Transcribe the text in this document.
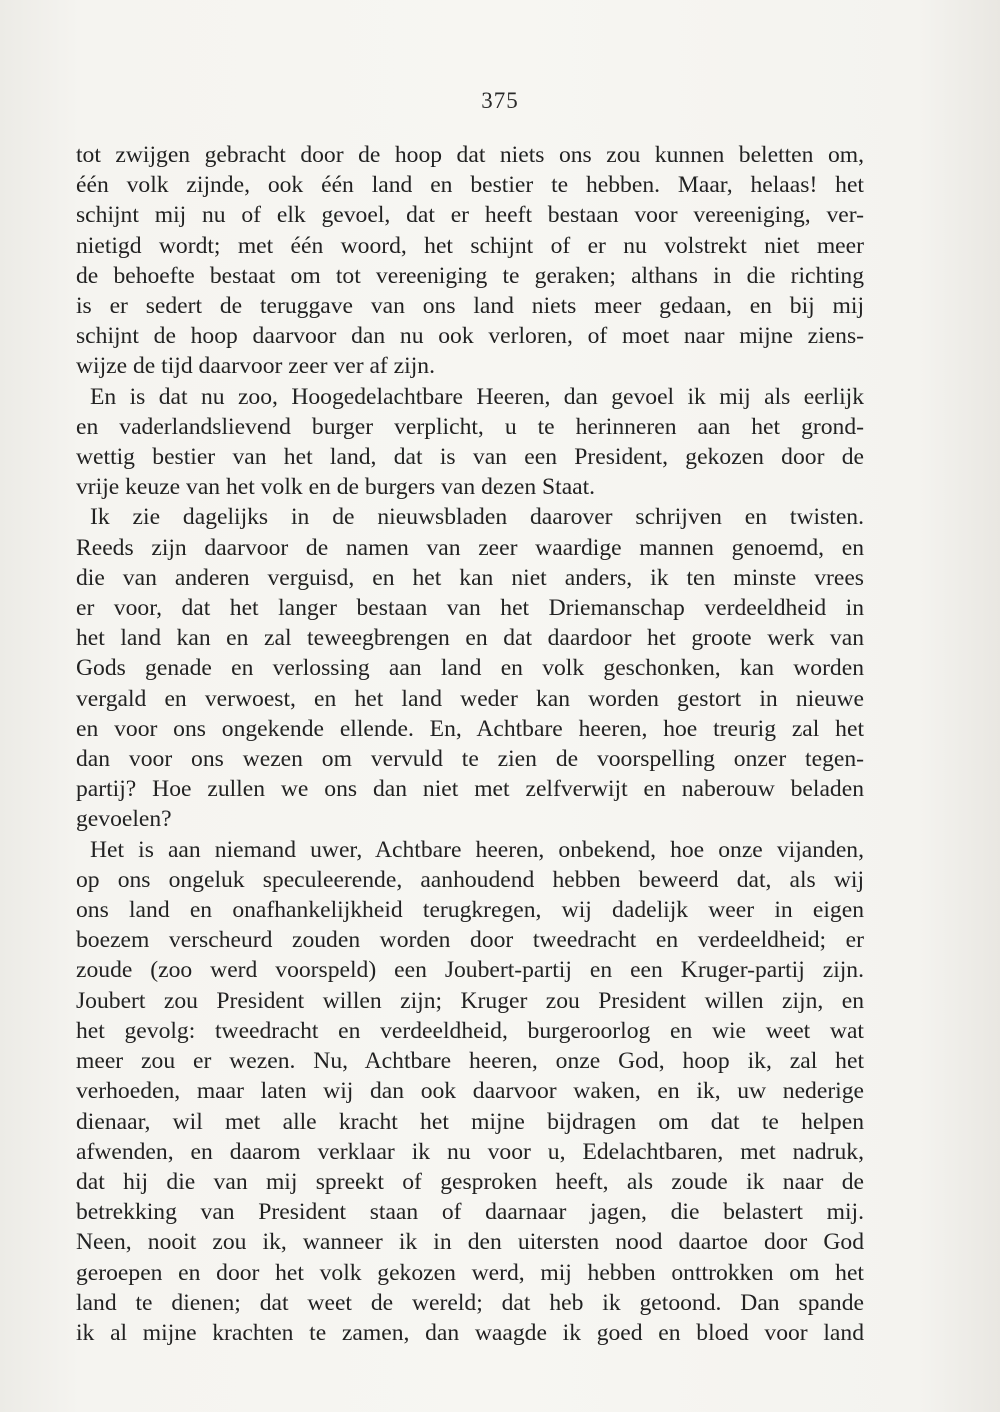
375
tot zwijgen gebracht door de hoop dat niets ons zou kunnen beletten om,
één volk zijnde, ook één land en bestier te hebben. Maar, helaas! het
schijnt mij nu of elk gevoel, dat er heeft bestaan voor vereeniging, ver-
nietigd wordt; met één woord, het schijnt of er nu volstrekt niet meer
de behoefte bestaat om tot vereeniging te geraken; althans in die richting
is er sedert de teruggave van ons land niets meer gedaan, en bij mij
schijnt de hoop daarvoor dan nu ook verloren, of moet naar mijne ziens-
wijze de tijd daarvoor zeer ver af zijn.
En is dat nu zoo, Hoogedelachtbare Heeren, dan gevoel ik mij als eerlijk
en vaderlandslievend burger verplicht, u te herinneren aan het grond-
wettig bestier van het land, dat is van een President, gekozen door de
vrije keuze van het volk en de burgers van dezen Staat.
Ik zie dagelijks in de nieuwsbladen daarover schrijven en twisten.
Reeds zijn daarvoor de namen van zeer waardige mannen genoemd, en
die van anderen verguisd, en het kan niet anders, ik ten minste vrees
er voor, dat het langer bestaan van het Driemanschap verdeeldheid in
het land kan en zal teweegbrengen en dat daardoor het groote werk van
Gods genade en verlossing aan land en volk geschonken, kan worden
vergald en verwoest, en het land weder kan worden gestort in nieuwe
en voor ons ongekende ellende. En, Achtbare heeren, hoe treurig zal het
dan voor ons wezen om vervuld te zien de voorspelling onzer tegen-
partij? Hoe zullen we ons dan niet met zelfverwijt en naberouw beladen
gevoelen?
Het is aan niemand uwer, Achtbare heeren, onbekend, hoe onze vijanden,
op ons ongeluk speculeerende, aanhoudend hebben beweerd dat, als wij
ons land en onafhankelijkheid terugkregen, wij dadelijk weer in eigen
boezem verscheurd zouden worden door tweedracht en verdeeldheid; er
zoude (zoo werd voorspeld) een Joubert-partij en een Kruger-partij zijn.
Joubert zou President willen zijn; Kruger zou President willen zijn, en
het gevolg: tweedracht en verdeeldheid, burgeroorlog en wie weet wat
meer zou er wezen. Nu, Achtbare heeren, onze God, hoop ik, zal het
verhoeden, maar laten wij dan ook daarvoor waken, en ik, uw nederige
dienaar, wil met alle kracht het mijne bijdragen om dat te helpen
afwenden, en daarom verklaar ik nu voor u, Edelachtbaren, met nadruk,
dat hij die van mij spreekt of gesproken heeft, als zoude ik naar de
betrekking van President staan of daarnaar jagen, die belastert mij.
Neen, nooit zou ik, wanneer ik in den uitersten nood daartoe door God
geroepen en door het volk gekozen werd, mij hebben onttrokken om het
land te dienen; dat weet de wereld; dat heb ik getoond. Dan spande
ik al mijne krachten te zamen, dan waagde ik goed en bloed voor land
